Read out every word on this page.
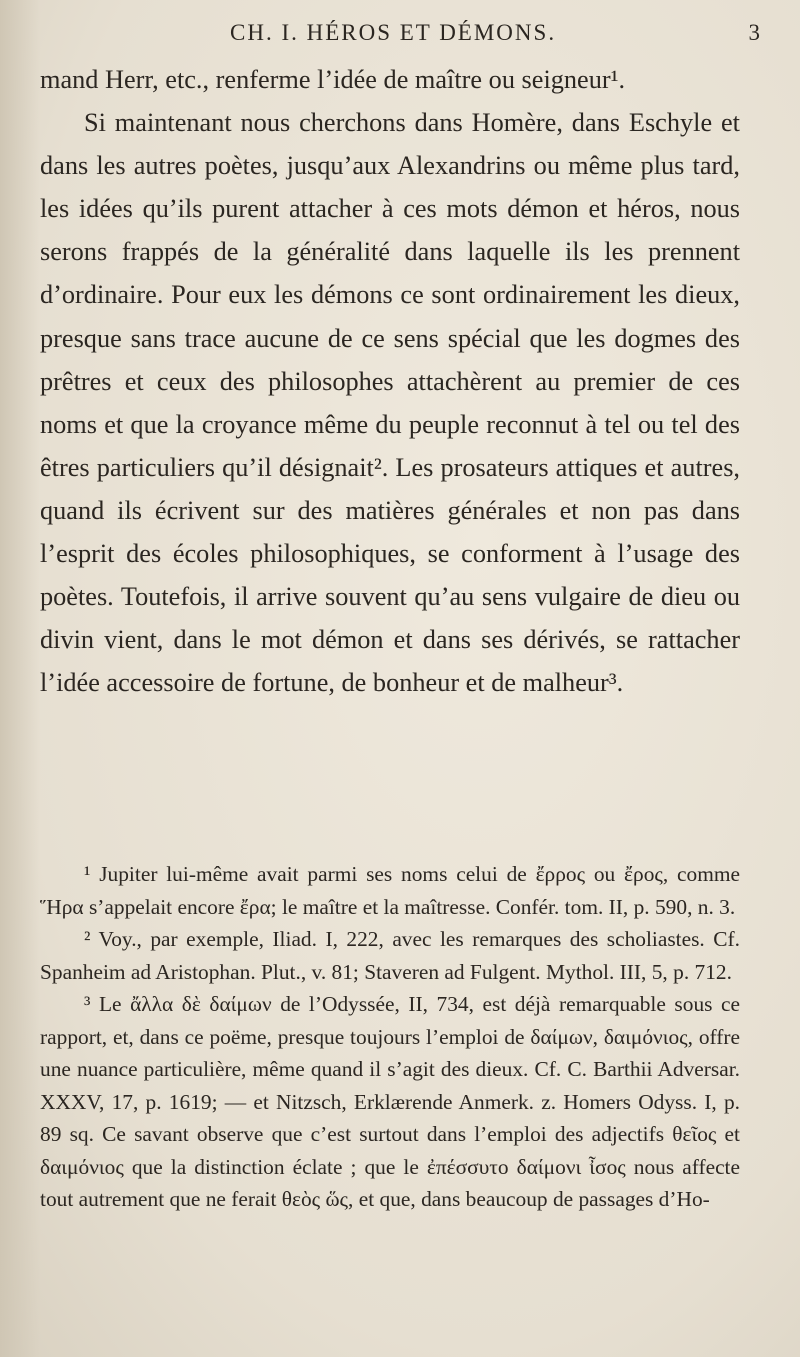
CH. I. HÉROS ET DÉMONS.	3

mand Herr, etc., renferme l’idée de maître ou seigneur¹.

Si maintenant nous cherchons dans Homère, dans Eschyle et dans les autres poètes, jusqu’aux Alexandrins ou même plus tard, les idées qu’ils purent attacher à ces mots démon et héros, nous serons frappés de la généralité dans laquelle ils les prennent d’ordinaire. Pour eux les démons ce sont ordinairement les dieux, presque sans trace aucune de ce sens spécial que les dogmes des prêtres et ceux des philosophes attachèrent au premier de ces noms et que la croyance même du peuple reconnut à tel ou tel des êtres particuliers qu’il désignait². Les prosateurs attiques et autres, quand ils écrivent sur des matières générales et non pas dans l’esprit des écoles philosophiques, se conforment à l’usage des poètes. Toutefois, il arrive souvent qu’au sens vulgaire de dieu ou divin vient, dans le mot démon et dans ses dérivés, se rattacher l’idée accessoire de fortune, de bonheur et de malheur³.

¹ Jupiter lui-même avait parmi ses noms celui de ἔρρος ou ἔρος, comme Ἥρα s’appelait encore ἔρα; le maître et la maîtresse. Confér. tom. II, p. 590, n. 3.

² Voy., par exemple, Iliad. I, 222, avec les remarques des scholiastes. Cf. Spanheim ad Aristophan. Plut., v. 81; Staveren ad Fulgent. Mythol. III, 5, p. 712.

³ Le ἄλλα δὲ δαίμων de l’Odyssée, II, 734, est déjà remarquable sous ce rapport, et, dans ce poëme, presque toujours l’emploi de δαίμων, δαιμόνιος, offre une nuance particulière, même quand il s’agit des dieux. Cf. C. Barthii Adversar. XXXV, 17, p. 1619; — et Nitzsch, Erklærende Anmerk. z. Homers Odyss. I, p. 89 sq. Ce savant observe que c’est surtout dans l’emploi des adjectifs θεῖος et δαιμόνιος que la distinction éclate ; que le ἐπέσσυτο δαίμονι ἶσος nous affecte tout autrement que ne ferait θεὸς ὥς, et que, dans beaucoup de passages d’Ho-
